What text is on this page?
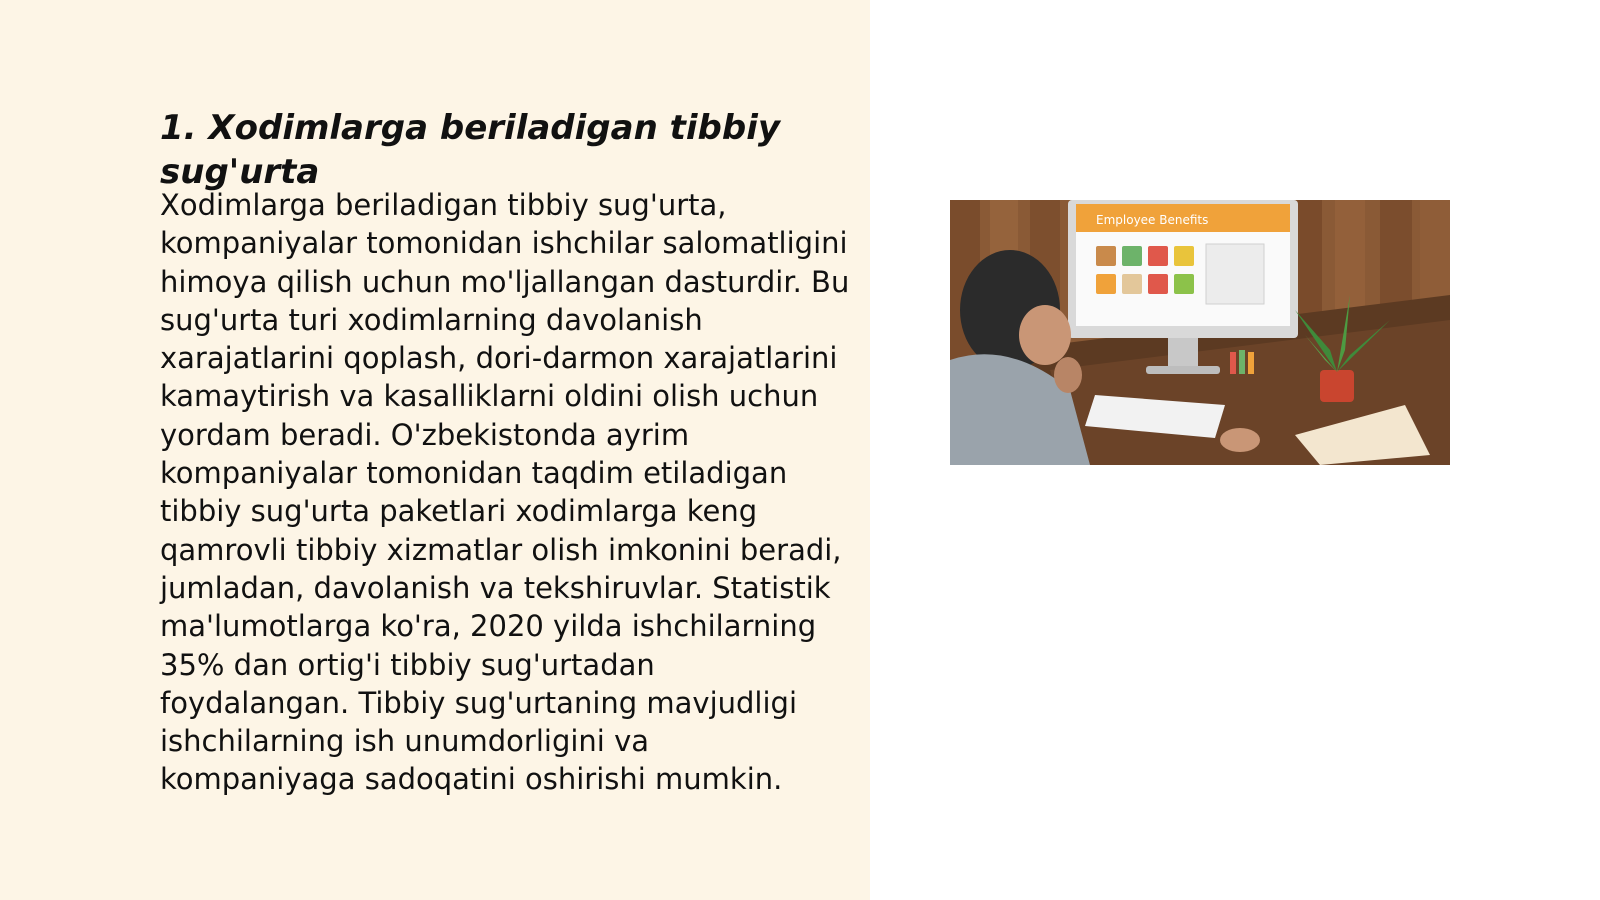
1. Xodimlarga beriladigan tibbiy sug'urta

Xodimlarga beriladigan tibbiy sug'urta, kompaniyalar tomonidan ishchilar salomatligini himoya qilish uchun mo'ljallangan dasturdir. Bu sug'urta turi xodimlarning davolanish xarajatlarini qoplash, dori-darmon xarajatlarini kamaytirish va kasalliklarni oldini olish uchun yordam beradi. O'zbekistonda ayrim kompaniyalar tomonidan taqdim etiladigan tibbiy sug'urta paketlari xodimlarga keng qamrovli tibbiy xizmatlar olish imkonini beradi, jumladan, davolanish va tekshiruvlar. Statistik ma'lumotlarga ko'ra, 2020 yilda ishchilarning 35% dan ortig'i tibbiy sug'urtadan foydalangan. Tibbiy sug'urtaning mavjudligi ishchilarning ish unumdorligini va kompaniyaga sadoqatini oshirishi mumkin.

Employee Benefits
